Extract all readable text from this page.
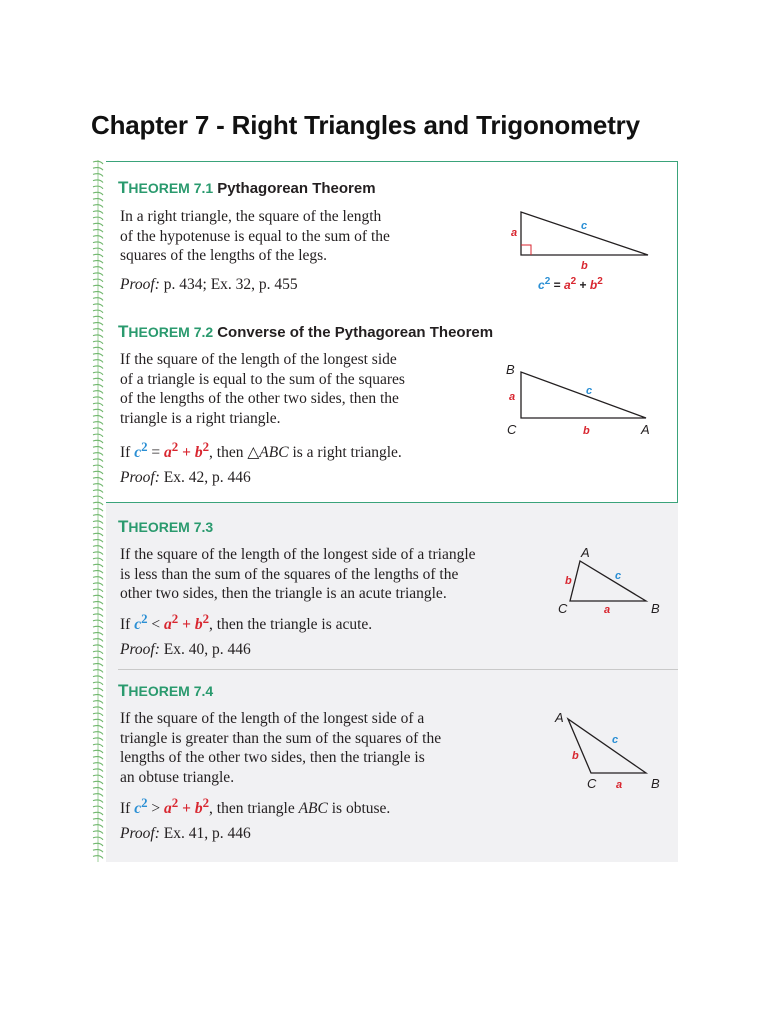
Chapter 7 - Right Triangles and Trigonometry
THEOREM 7.1 Pythagorean Theorem
In a right triangle, the square of the length
of the hypotenuse is equal to the sum of the
squares of the lengths of the legs.
Proof: p. 434; Ex. 32, p. 455
a
c
b
$c^2 = a^2 + b^2$
THEOREM 7.2 Converse of the Pythagorean Theorem
If the square of the length of the longest side
of a triangle is equal to the sum of the squares
of the lengths of the other two sides, then the
triangle is a right triangle.
If $c^2 = a^2 + b^2$, then △ABC is a right triangle.
Proof: Ex. 42, p. 446
B
C	A
a
b
c
THEOREM 7.3
If the square of the length of the longest side of a triangle
is less than the sum of the squares of the lengths of the
other two sides, then the triangle is an acute triangle.
If $c^2 < a^2 + b^2$, then the triangle is acute.
Proof: Ex. 40, p. 446
A
C	B
b	c
a
THEOREM 7.4
If the square of the length of the longest side of a
triangle is greater than the sum of the squares of the
lengths of the other two sides, then the triangle is
an obtuse triangle.
If $c^2 > a^2 + b^2$, then triangle ABC is obtuse.
Proof: Ex. 41, p. 446
A
C	B
b
c
a
